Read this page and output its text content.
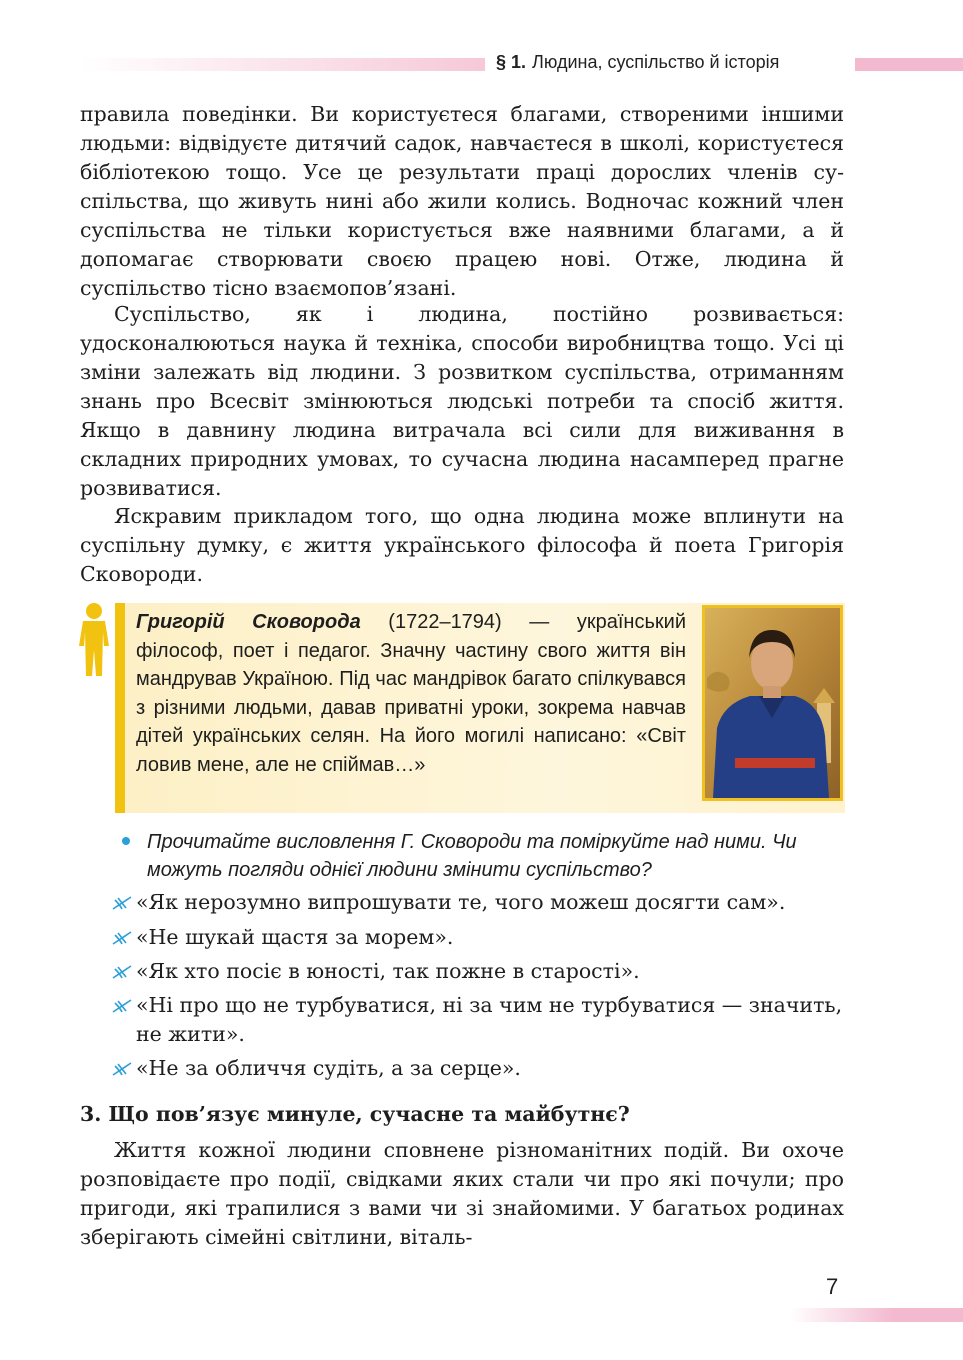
§ 1. Людина, суспільство й історія

правила поведінки. Ви користуєтеся благами, створеними іншими людьми: відвідуєте дитячий садок, навчаєтеся в школі, користуєтеся бібліотекою тощо. Усе це результати праці дорослих членів су-спільства, що живуть нині або жили колись. Водночас кожний член суспільства не тільки користується вже наявними благами, а й допомагає створювати своєю працею нові. Отже, людина й суспільство тісно взаємопов’язані.

Суспільство, як і людина, постійно розвивається: удосконалюються наука й техніка, способи виробництва тощо. Усі ці зміни залежать від людини. З розвитком суспільства, отриманням знань про Всесвіт змінюються людські потреби та спосіб життя. Якщо в давнину людина витрачала всі сили для виживання в складних природних умовах, то сучасна людина насамперед прагне розвиватися.

Яскравим прикладом того, що одна людина може вплинути на суспільну думку, є життя українського філософа й поета Григорія Сковороди.

Григорій Сковорода (1722–1794) — український філософ, поет і педагог. Значну частину свого життя він мандрував Україною. Під час мандрівок багато спілкувався з різними людьми, давав приватні уроки, зокрема навчав дітей українських селян. На його могилі написано: «Світ ловив мене, але не спіймав…»

Прочитайте висловлення Г. Сковороди та поміркуйте над ними. Чи можуть погляди однієї людини змінити суспільство?

«Як нерозумно випрошувати те, чого можеш досягти сам».
«Не шукай щастя за морем».
«Як хто посіє в юності, так пожне в старості».
«Ні про що не турбуватися, ні за чим не турбуватися — значить, не жити».
«Не за обличчя судіть, а за серце».
3. Що пов’язує минуле, сучасне та майбутнє?

Життя кожної людини сповнене різноманітних подій. Ви охоче розповідаєте про події, свідками яких стали чи про які почули; про пригоди, які трапилися з вами чи зі знайомими. У багатьох родинах зберігають сімейні світлини, віталь-

7
